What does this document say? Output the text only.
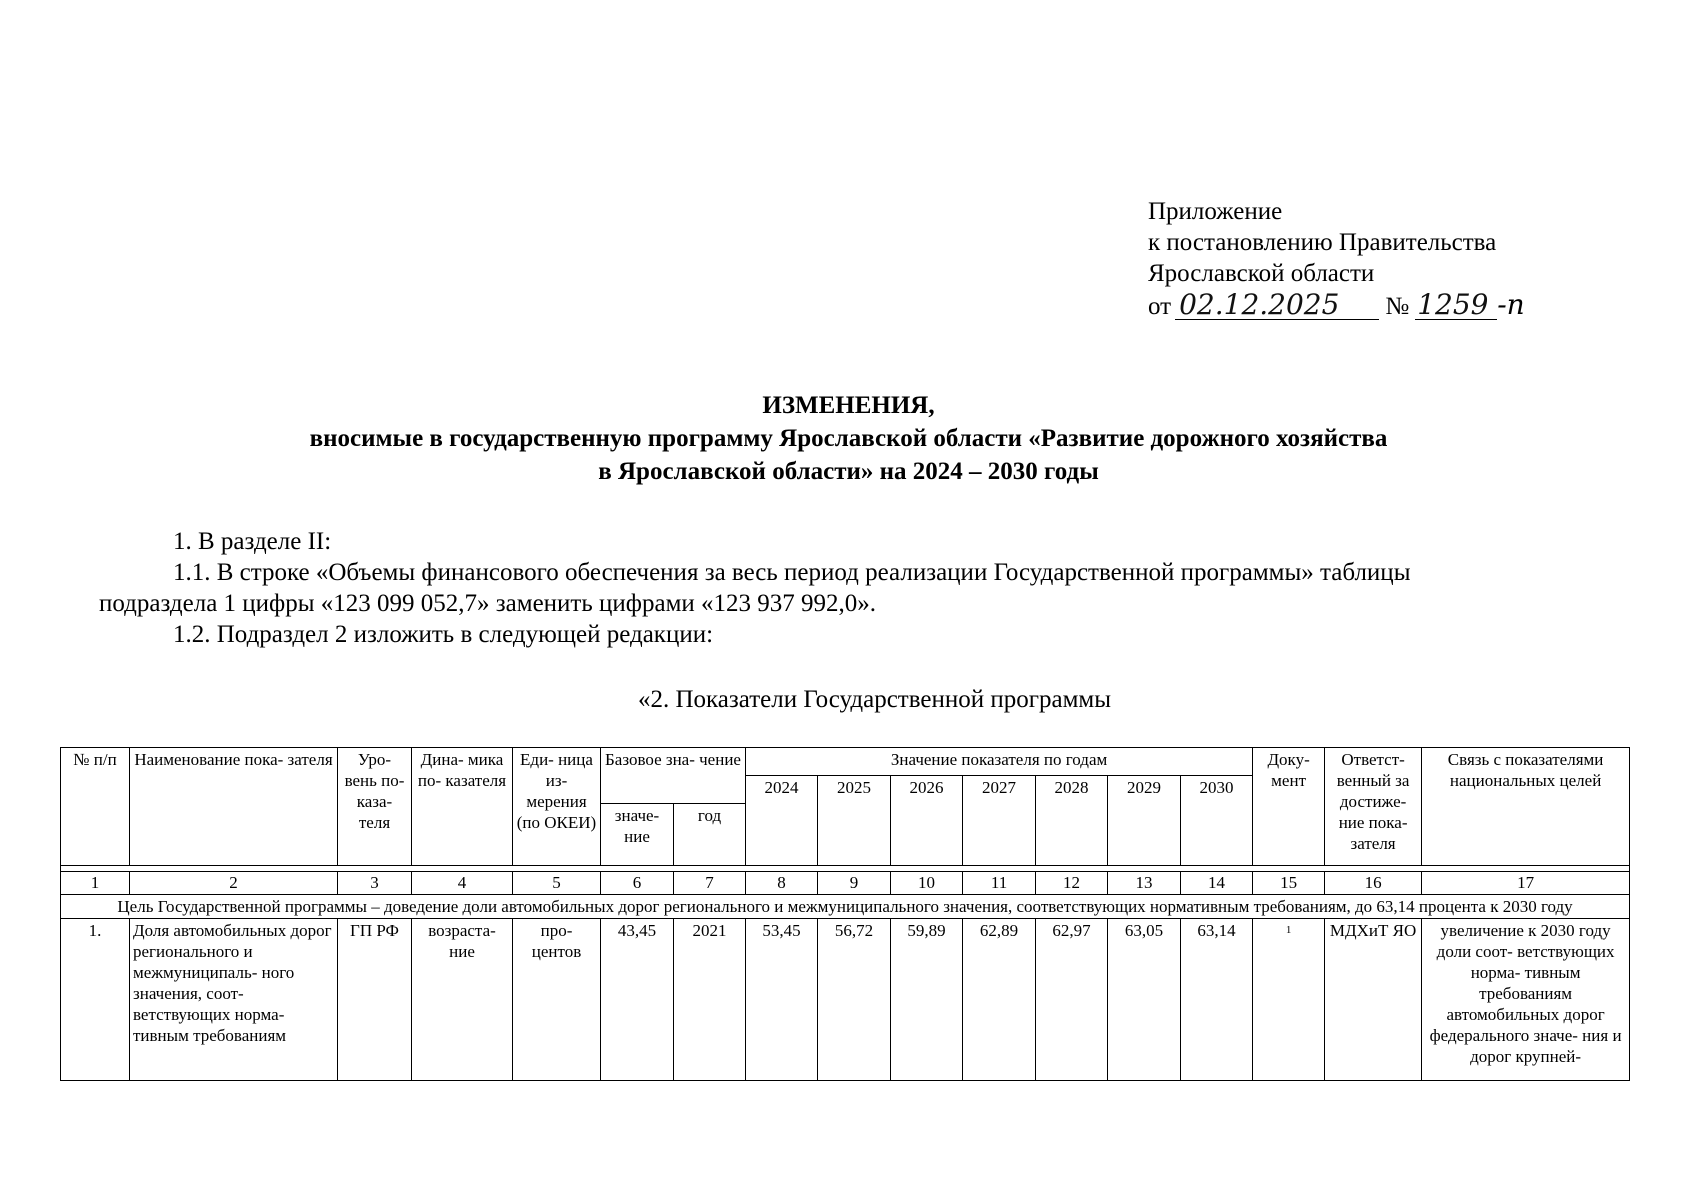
Приложение
к постановлению Правительства
Ярославской области
от 02.12.2025 № 1259 -п
ИЗМЕНЕНИЯ,
вносимые в государственную программу Ярославской области «Развитие дорожного хозяйства
в Ярославской области» на 2024 – 2030 годы
1. В разделе II:
1.1. В строке «Объемы финансового обеспечения за весь период реализации Государственной программы» таблицы
подраздела 1 цифры «123 099 052,7» заменить цифрами «123 937 992,0».
1.2. Подраздел 2 изложить в следующей редакции:
«2. Показатели Государственной программы
№ п/п	Наименование пока- зателя	Уро- вень по- каза- теля	Дина- мика по- казателя	Еди- ница из- мерения (по ОКЕИ)	Базовое зна- чение		Значение показателя по годам							Доку- мент	Ответст- венный за достиже- ние пока- зателя	Связь с показателями национальных целей
							2024	2025	2026	2027	2028	2029	2030			
					значе- ние	год										

1	2	3	4	5	6	7	8	9	10	11	12	13	14	15	16	17
Цель Государственной программы – доведение доли автомобильных дорог регионального и межмуниципального значения, соответствующих нормативным требованиям, до 63,14 процента к 2030 году																
1.	Доля автомобильных дорог регионального и межмуниципаль- ного значения, соот- ветствующих норма- тивным требованиям	ГП РФ	возраста- ние	про- центов	43,45	2021	53,45	56,72	59,89	62,89	62,97	63,05	63,14	$^1$	МДХиТ ЯО	увеличение к 2030 году доли соот- ветствующих норма- тивным требованиям автомобильных дорог федерального значе- ния и дорог крупней-
